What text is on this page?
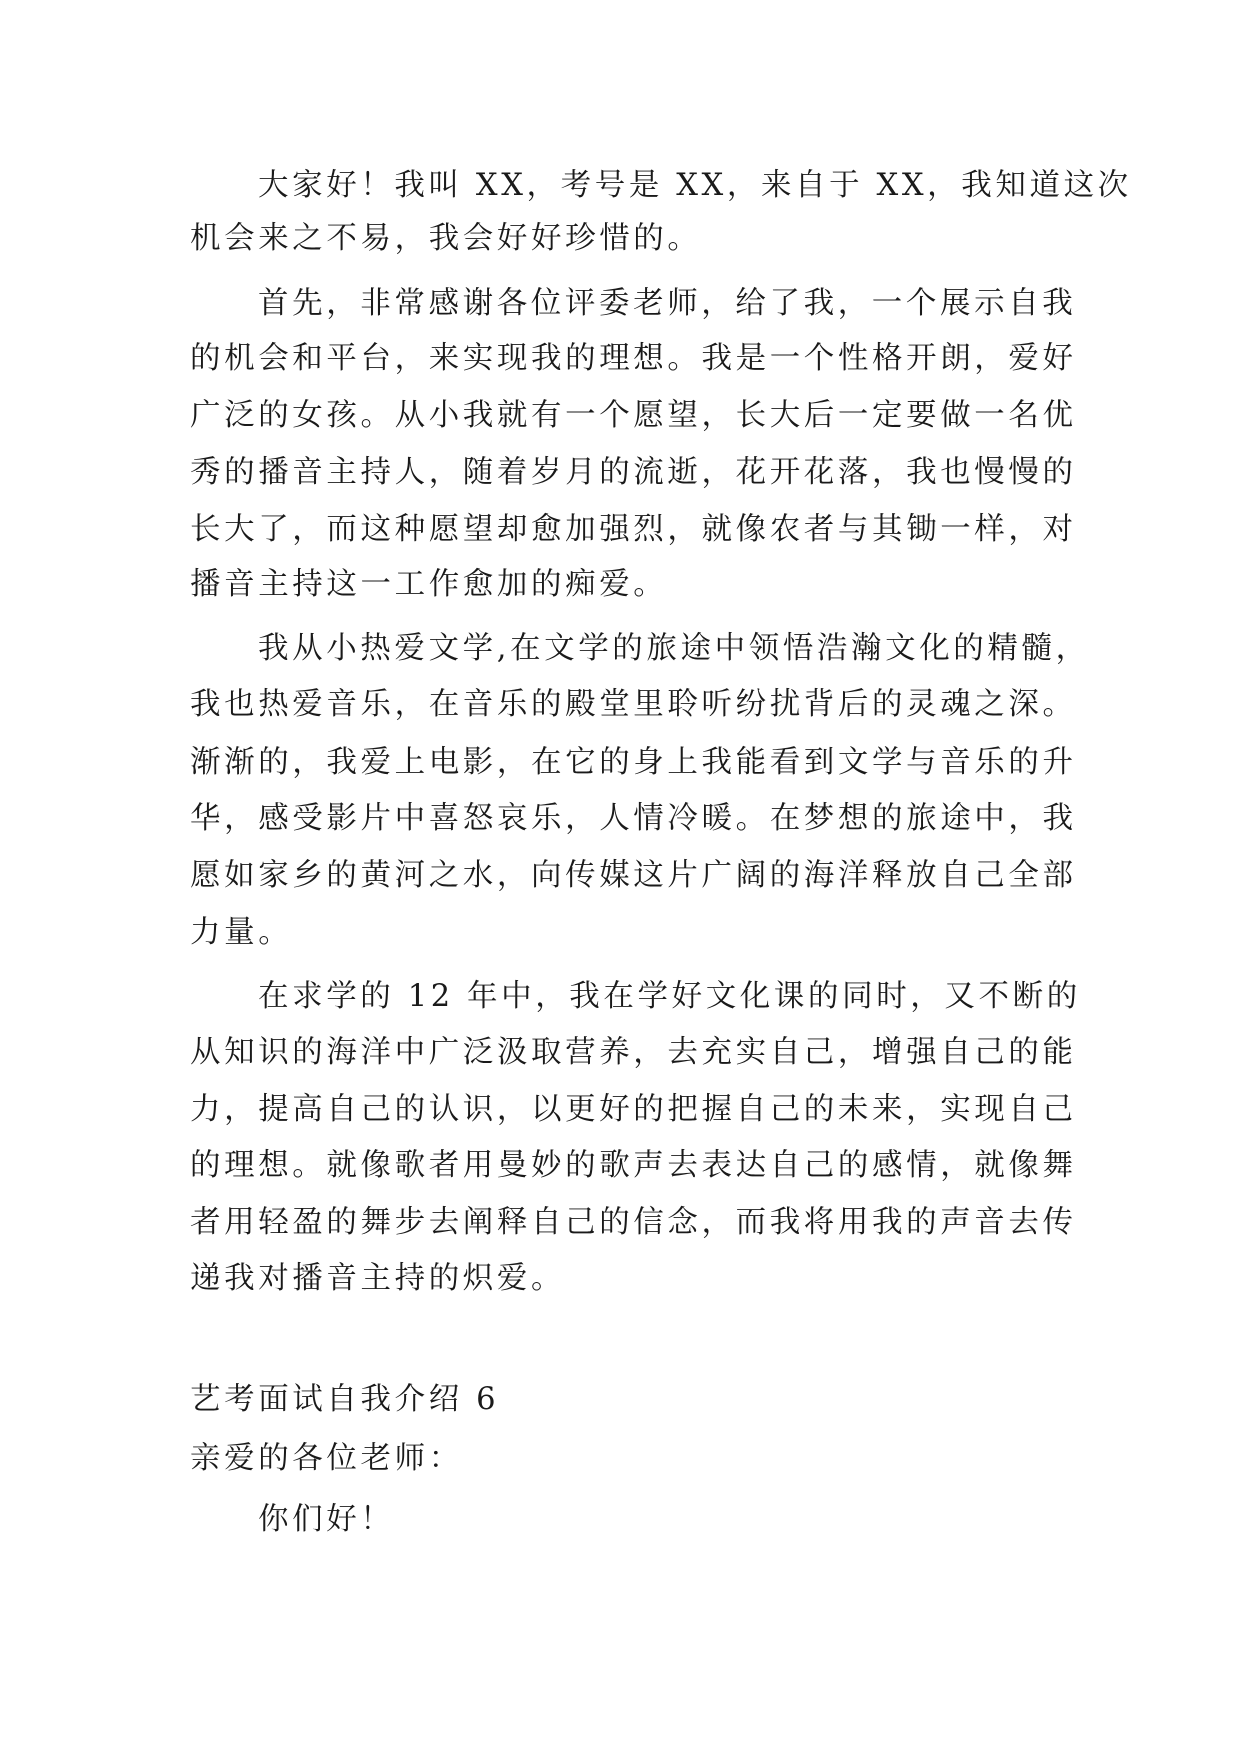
大家好！我叫 XX，考号是 XX，来自于 XX，我知道这次
机会来之不易，我会好好珍惜的。
首先，非常感谢各位评委老师，给了我，一个展示自我
的机会和平台，来实现我的理想。我是一个性格开朗，爱好
广泛的女孩。从小我就有一个愿望，长大后一定要做一名优
秀的播音主持人，随着岁月的流逝，花开花落，我也慢慢的
长大了，而这种愿望却愈加强烈，就像农者与其锄一样，对
播音主持这一工作愈加的痴爱。
我从小热爱文学,在文学的旅途中领悟浩瀚文化的精髓，
我也热爱音乐，在音乐的殿堂里聆听纷扰背后的灵魂之深。
渐渐的，我爱上电影，在它的身上我能看到文学与音乐的升
华，感受影片中喜怒哀乐，人情冷暖。在梦想的旅途中，我
愿如家乡的黄河之水，向传媒这片广阔的海洋释放自己全部
力量。
在求学的 12 年中，我在学好文化课的同时，又不断的
从知识的海洋中广泛汲取营养，去充实自己，增强自己的能
力，提高自己的认识，以更好的把握自己的未来，实现自己
的理想。就像歌者用曼妙的歌声去表达自己的感情，就像舞
者用轻盈的舞步去阐释自己的信念，而我将用我的声音去传
递我对播音主持的炽爱。
艺考面试自我介绍 6
亲爱的各位老师：
你们好！
